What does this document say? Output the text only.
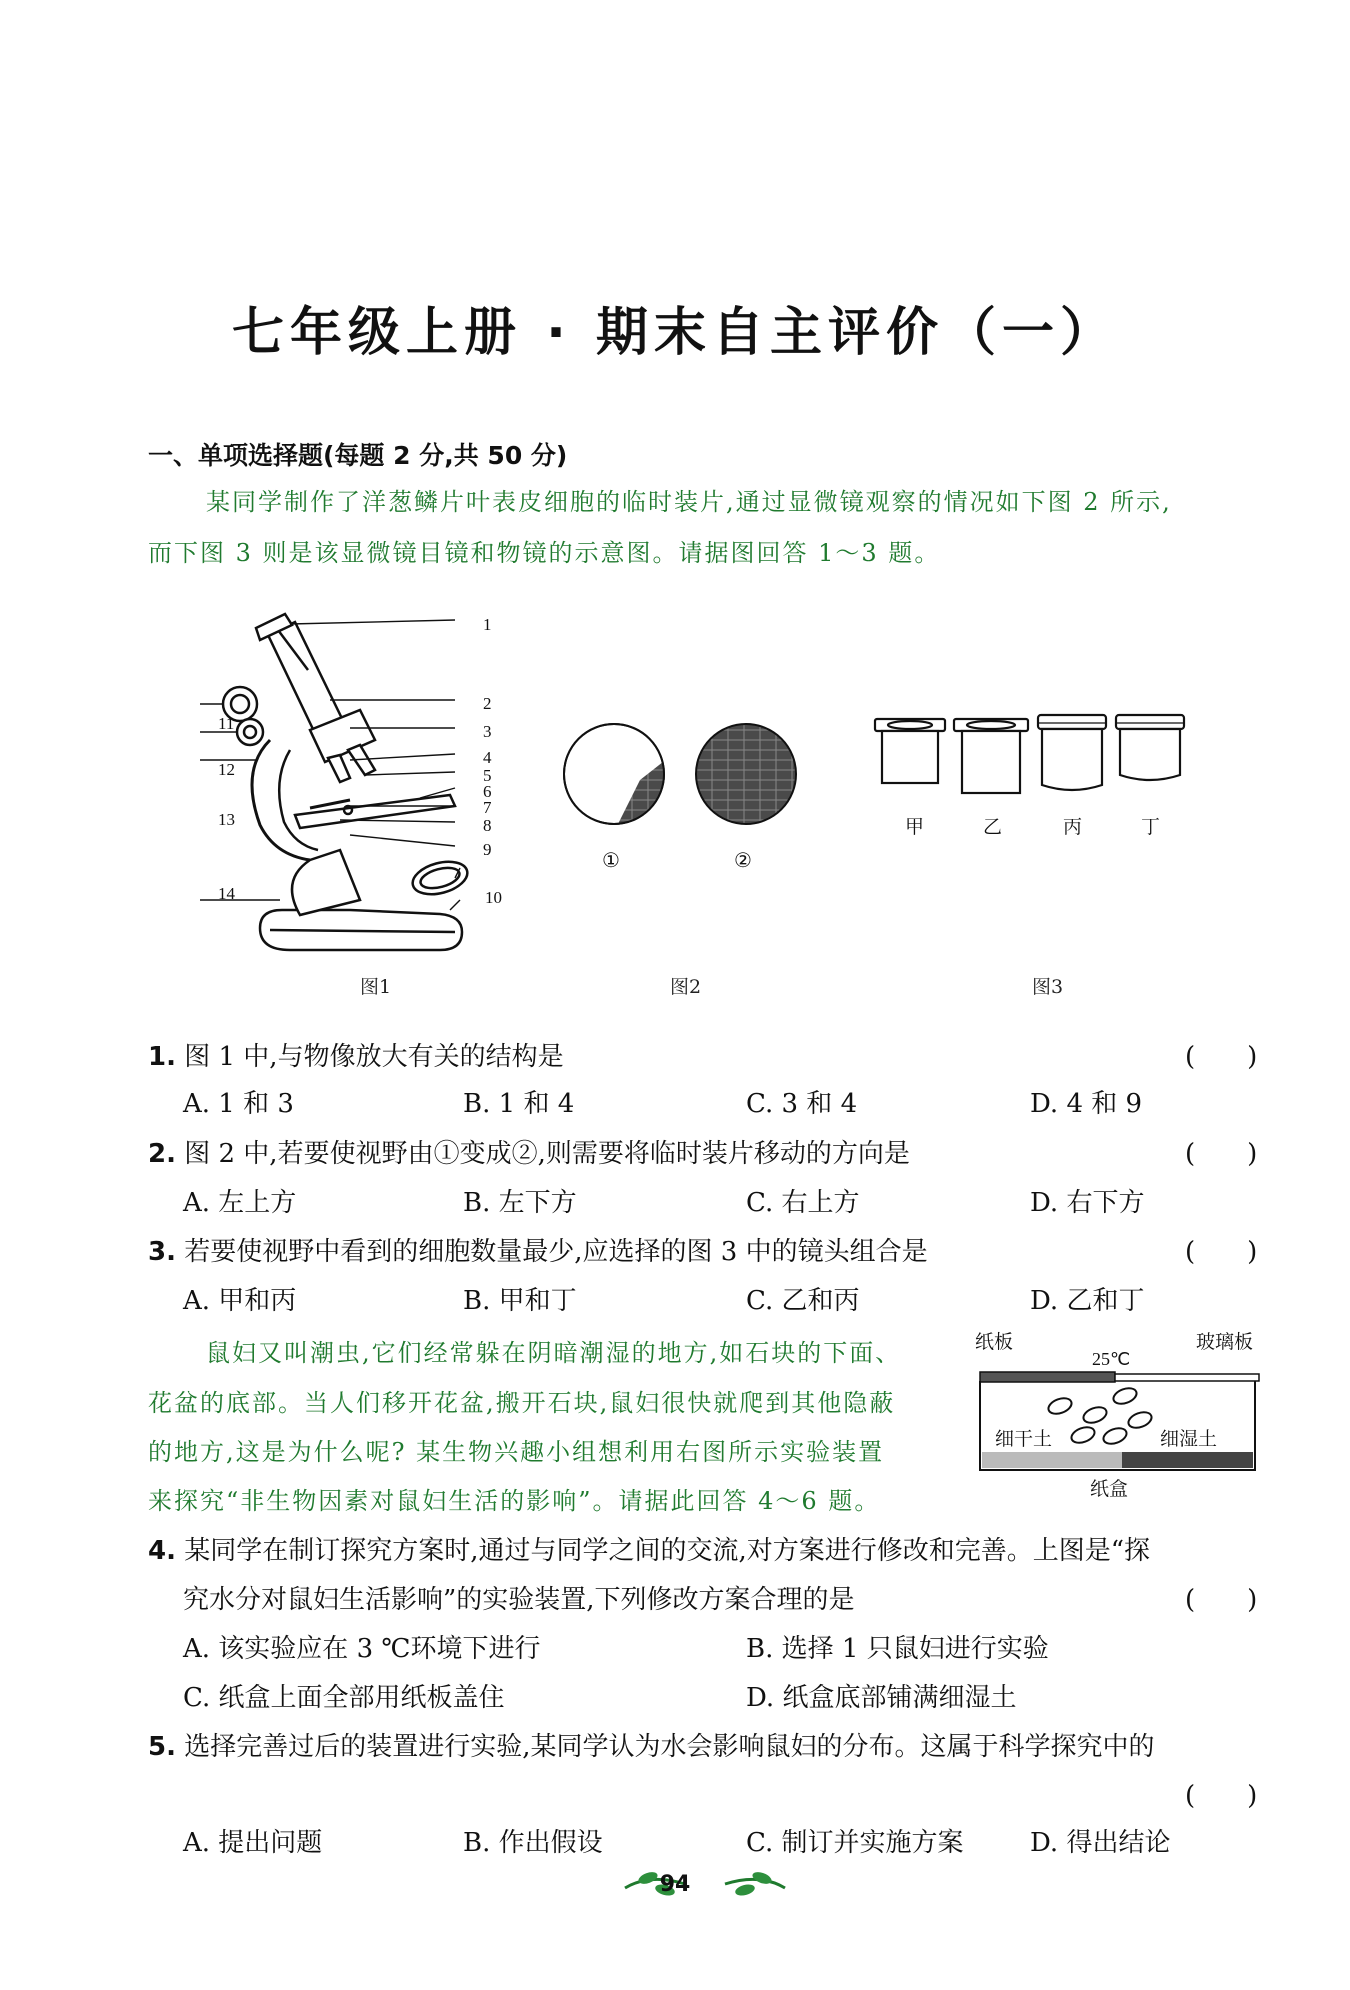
七年级上册 · 期末自主评价（一）
一、单项选择题(每题 2 分,共 50 分)
某同学制作了洋葱鳞片叶表皮细胞的临时装片,通过显微镜观察的情况如下图 2 所示,
而下图 3 则是该显微镜目镜和物镜的示意图。请据图回答 1～3 题。
1
2
3
4
5
6
7
8
9
10
11
12
13
14
图1
①	②
图2
甲	乙	丙	丁
图3
1. 图 1 中,与物像放大有关的结构是	(　　)
A. 1 和 3	B. 1 和 4	C. 3 和 4	D. 4 和 9
2. 图 2 中,若要使视野由①变成②,则需要将临时装片移动的方向是	(　　)
A. 左上方	B. 左下方	C. 右上方	D. 右下方
3. 若要使视野中看到的细胞数量最少,应选择的图 3 中的镜头组合是	(　　)
A. 甲和丙	B. 甲和丁	C. 乙和丙	D. 乙和丁
鼠妇又叫潮虫,它们经常躲在阴暗潮湿的地方,如石块的下面、
花盆的底部。当人们移开花盆,搬开石块,鼠妇很快就爬到其他隐蔽
的地方,这是为什么呢? 某生物兴趣小组想利用右图所示实验装置
来探究“非生物因素对鼠妇生活的影响”。请据此回答 4～6 题。
纸板	玻璃板
25℃
细干土	细湿土
纸盒
4. 某同学在制订探究方案时,通过与同学之间的交流,对方案进行修改和完善。上图是“探
究水分对鼠妇生活影响”的实验装置,下列修改方案合理的是	(　　)
A. 该实验应在 3 ℃环境下进行	B. 选择 1 只鼠妇进行实验
C. 纸盒上面全部用纸板盖住	D. 纸盒底部铺满细湿土
5. 选择完善过后的装置进行实验,某同学认为水会影响鼠妇的分布。这属于科学探究中的
(　　)
A. 提出问题	B. 作出假设	C. 制订并实施方案	D. 得出结论
94
